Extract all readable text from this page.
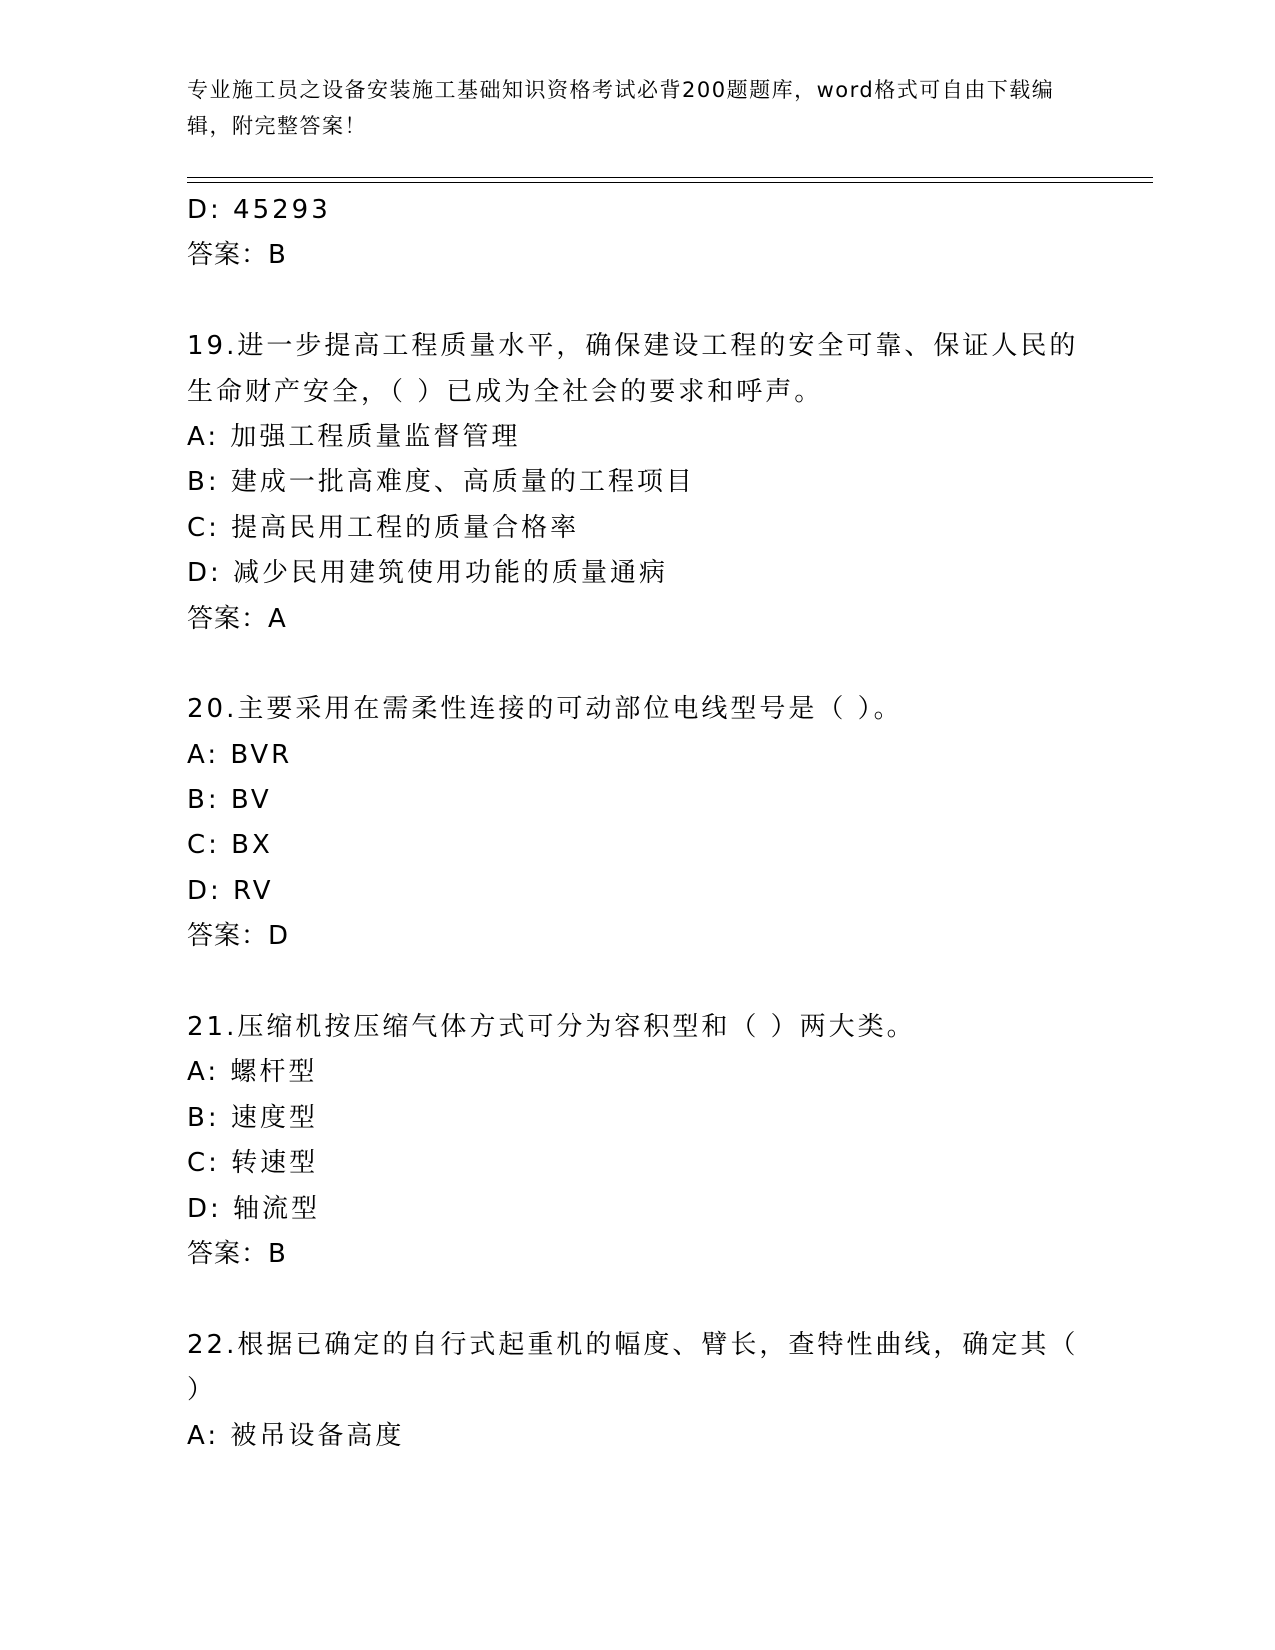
专业施工员之设备安装施工基础知识资格考试必背200题题库，word格式可自由下载编辑，附完整答案！
D: 45293
答案：B
19.进一步提高工程质量水平，确保建设工程的安全可靠、保证人民的
生命财产安全，（ ）已成为全社会的要求和呼声。
A: 加强工程质量监督管理
B: 建成一批高难度、高质量的工程项目
C: 提高民用工程的质量合格率
D: 减少民用建筑使用功能的质量通病
答案：A
20.主要采用在需柔性连接的可动部位电线型号是（ ）。
A: BVR
B: BV
C: BX
D: RV
答案：D
21.压缩机按压缩气体方式可分为容积型和（ ）两大类。
A: 螺杆型
B: 速度型
C: 转速型
D: 轴流型
答案：B
22.根据已确定的自行式起重机的幅度、臂长，查特性曲线，确定其（
）
A: 被吊设备高度
